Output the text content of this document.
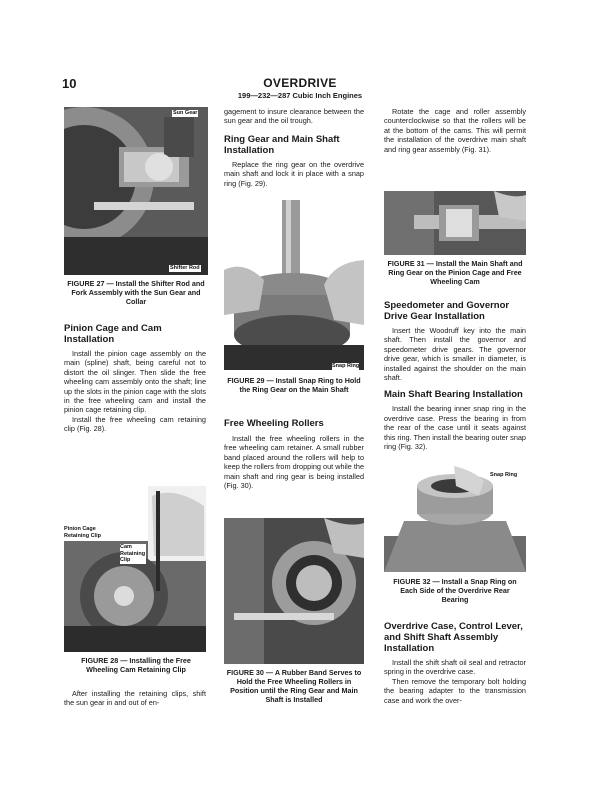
10	OVERDRIVE
199—232—287 Cubic Inch Engines
Sun Gear
Shifter Rod

FIGURE 27 — Install the Shifter Rod and Fork Assembly with the Sun Gear and Collar

Pinion Cage and Cam Installation

Install the pinion cage assembly on the main (spline) shaft, being careful not to distort the oil slinger. Then slide the free wheeling cam assembly onto the shaft; line up the slots in the pinion cage with the slots in the free wheeling cam and install the pinion cage retaining clip.

Install the free wheeling cam retaining clip (Fig. 28).

Pinion Cage Retaining Clip
Cam Retaining Clip

FIGURE 28 — Installing the Free Wheeling Cam Retaining Clip

After installing the retaining clips, shift the sun gear in and out of en-

gagement to insure clearance between the sun gear and the oil trough.

Ring Gear and Main Shaft Installation

Replace the ring gear on the overdrive main shaft and lock it in place with a snap ring (Fig. 29).

Snap Ring

FIGURE 29 — Install Snap Ring to Hold the Ring Gear on the Main Shaft

Free Wheeling Rollers

Install the free wheeling rollers in the free wheeling cam retainer. A small rubber band placed around the rollers will help to keep the rollers from dropping out while the main shaft and ring gear is being installed (Fig. 30).

FIGURE 30 — A Rubber Band Serves to Hold the Free Wheeling Rollers in Position until the Ring Gear and Main Shaft is Installed

Rotate the cage and roller assembly counterclockwise so that the rollers will be at the bottom of the cams. This will permit the installation of the overdrive main shaft and ring gear assembly (Fig. 31).

FIGURE 31 — Install the Main Shaft and Ring Gear on the Pinion Cage and Free Wheeling Cam

Speedometer and Governor Drive Gear Installation

Insert the Woodruff key into the main shaft. Then install the governor and speedometer drive gears. The governor drive gear, which is smaller in diameter, is installed against the shoulder on the main shaft.

Main Shaft Bearing Installation

Install the bearing inner snap ring in the overdrive case. Press the bearing in from the rear of the case until it seats against this ring. Then install the bearing outer snap ring (Fig. 32).

Snap Ring

FIGURE 32 — Install a Snap Ring on Each Side of the Overdrive Rear Bearing

Overdrive Case, Control Lever, and Shift Shaft Assembly Installation

Install the shift shaft oil seal and retractor spring in the overdrive case.

Then remove the temporary bolt holding the bearing adapter to the transmission case and work the over-
